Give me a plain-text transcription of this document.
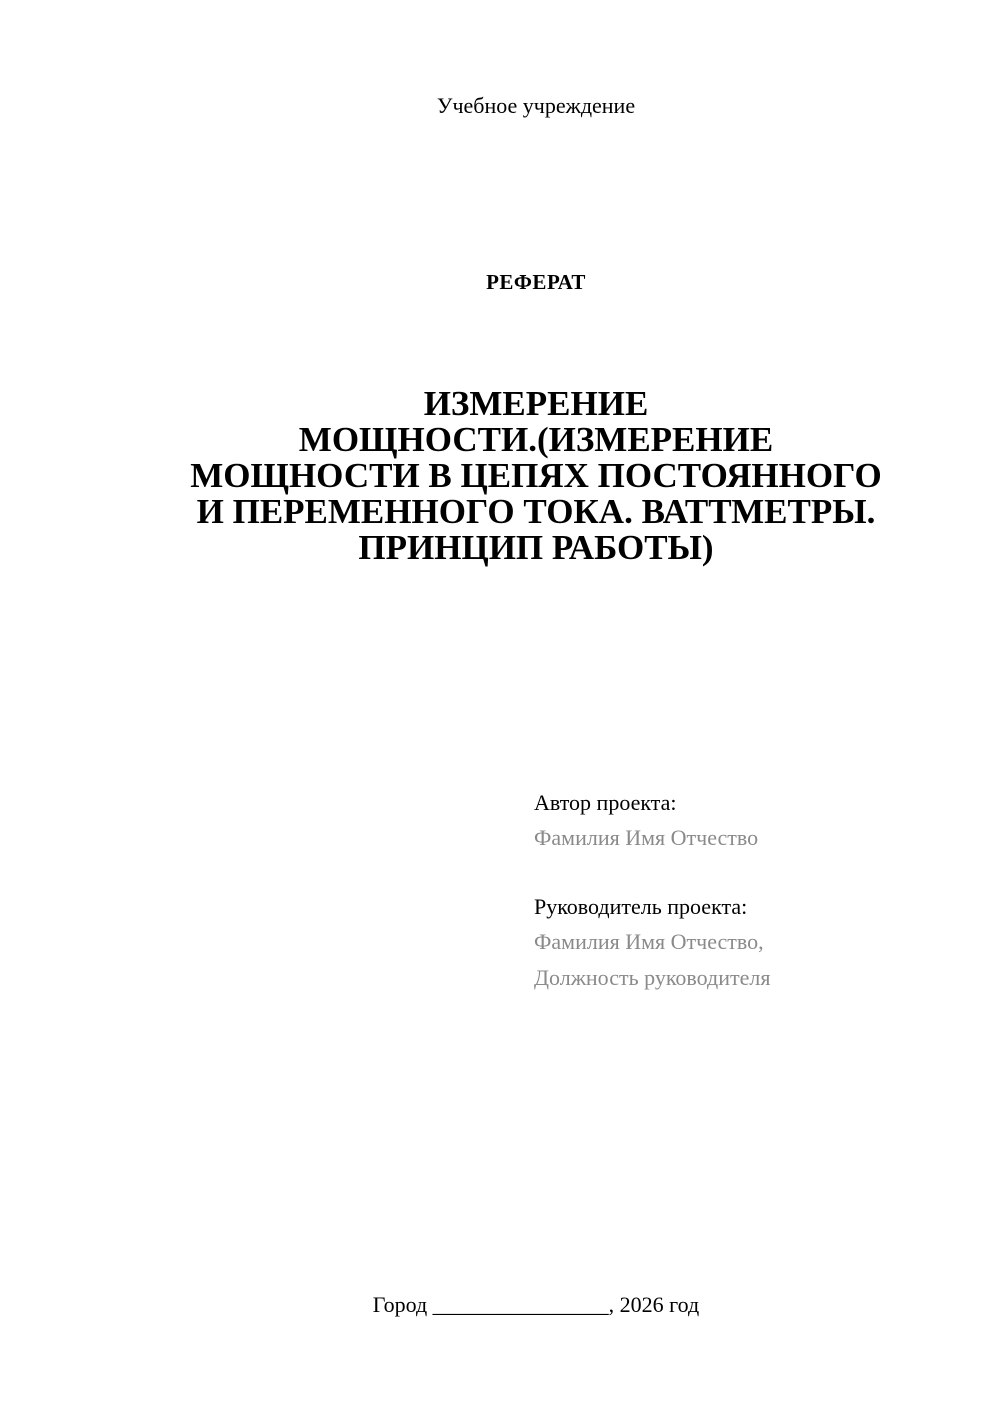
Учебное учреждение
РЕФЕРАТ
ИЗМЕРЕНИЕ
МОЩНОСТИ.(ИЗМЕРЕНИЕ
МОЩНОСТИ В ЦЕПЯХ ПОСТОЯННОГО
И ПЕРЕМЕННОГО ТОКА. ВАТТМЕТРЫ.
ПРИНЦИП РАБОТЫ)
Автор проекта:
Фамилия Имя Отчество
Руководитель проекта:
Фамилия Имя Отчество,
Должность руководителя
Город ________________, 2026 год
